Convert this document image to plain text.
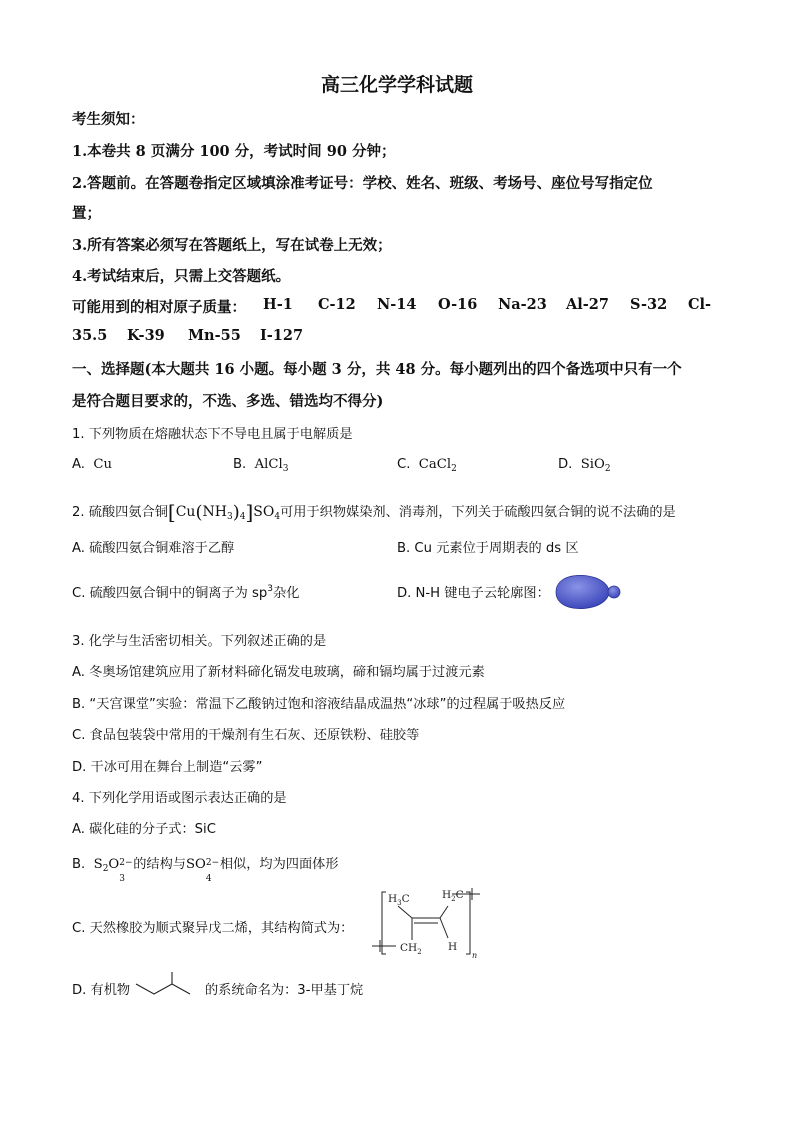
高三化学学科试题
考生须知：
1.本卷共 8 页满分 100 分，考试时间 90 分钟；
2.答题前。在答题卷指定区域填涂准考证号：学校、姓名、班级、考场号、座位号写指定位
置；
3.所有答案必须写在答题纸上，写在试卷上无效；
4.考试结束后，只需上交答题纸。
可能用到的相对原子质量： H-1 C-12 N-14 O-16 Na-23 Al-27 S-32 Cl-
35.5 K-39 Mn-55 I-127
一、选择题(本大题共 16 小题。每小题 3 分，共 48 分。每小题列出的四个备选项中只有一个
是符合题目要求的，不选、多选、错选均不得分)
1. 下列物质在熔融状态下不导电且属于电解质是
A. Cu	B. AlCl$_3$	C. CaCl$_2$	D. SiO$_2$
2. 硫酸四氨合铜$[Cu(NH_3)_4]SO_4$可用于织物媒染剂、消毒剂，下列关于硫酸四氨合铜的说不法确的是
A. 硫酸四氨合铜难溶于乙醇	B. Cu 元素位于周期表的 ds 区
C. 硫酸四氨合铜中的铜离子为 $sp^3$杂化	D. N-H 键电子云轮廓图：
3. 化学与生活密切相关。下列叙述正确的是
A. 冬奥场馆建筑应用了新材料碲化镉发电玻璃，碲和镉均属于过渡元素
B. “天宫课堂”实验：常温下乙酸钠过饱和溶液结晶成温热“冰球”的过程属于吸热反应
C. 食品包装袋中常用的干燥剂有生石灰、还原铁粉、硅胶等
D. 干冰可用在舞台上制造“云雾”
4. 下列化学用语或图示表达正确的是
A. 碳化硅的分子式：SiC
B. $S_2O$
3
2− 的结构与SO
4
2− 相似，均为四面体形
C. 天然橡胶为顺式聚异戊二烯，其结构简式为：
$H_3C$	$H_2C$
$CH_2$	H
n
D. 有机物	的系统命名为：3-甲基丁烷
